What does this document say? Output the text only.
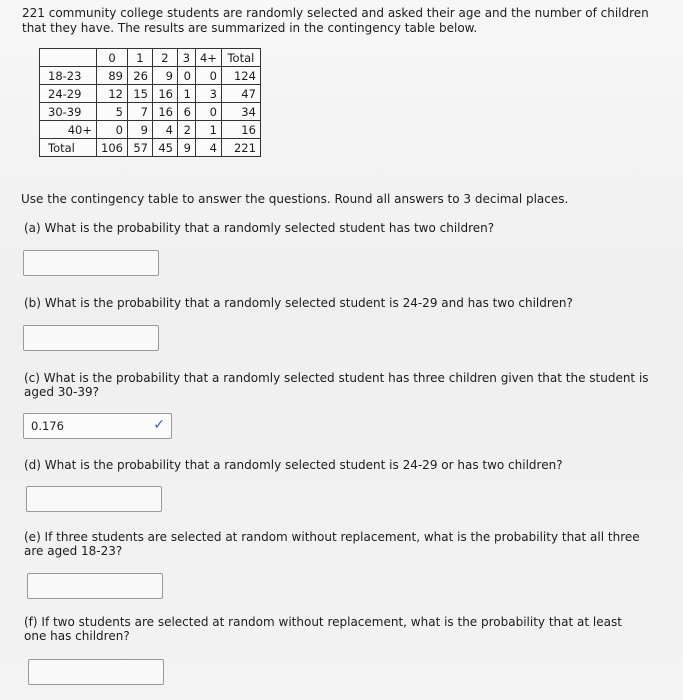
221 community college students are randomly selected and asked their age and the number of children that they have. The results are summarized in the contingency table below.
	0	1	2	3	4+	Total
18-23	89	26	9	0	0	124
24-29	12	15	16	1	3	47
30-39	5	7	16	6	0	34
40+	0	9	4	2	1	16
Total	106	57	45	9	4	221
Use the contingency table to answer the questions. Round all answers to 3 decimal places.
(a) What is the probability that a randomly selected student has two children?
(b) What is the probability that a randomly selected student is 24-29 and has two children?
(c) What is the probability that a randomly selected student has three children given that the student is aged 30-39?
0.176	✓
(d) What is the probability that a randomly selected student is 24-29 or has two children?
(e) If three students are selected at random without replacement, what is the probability that all three are aged 18-23?
(f) If two students are selected at random without replacement, what is the probability that at least one has children?
